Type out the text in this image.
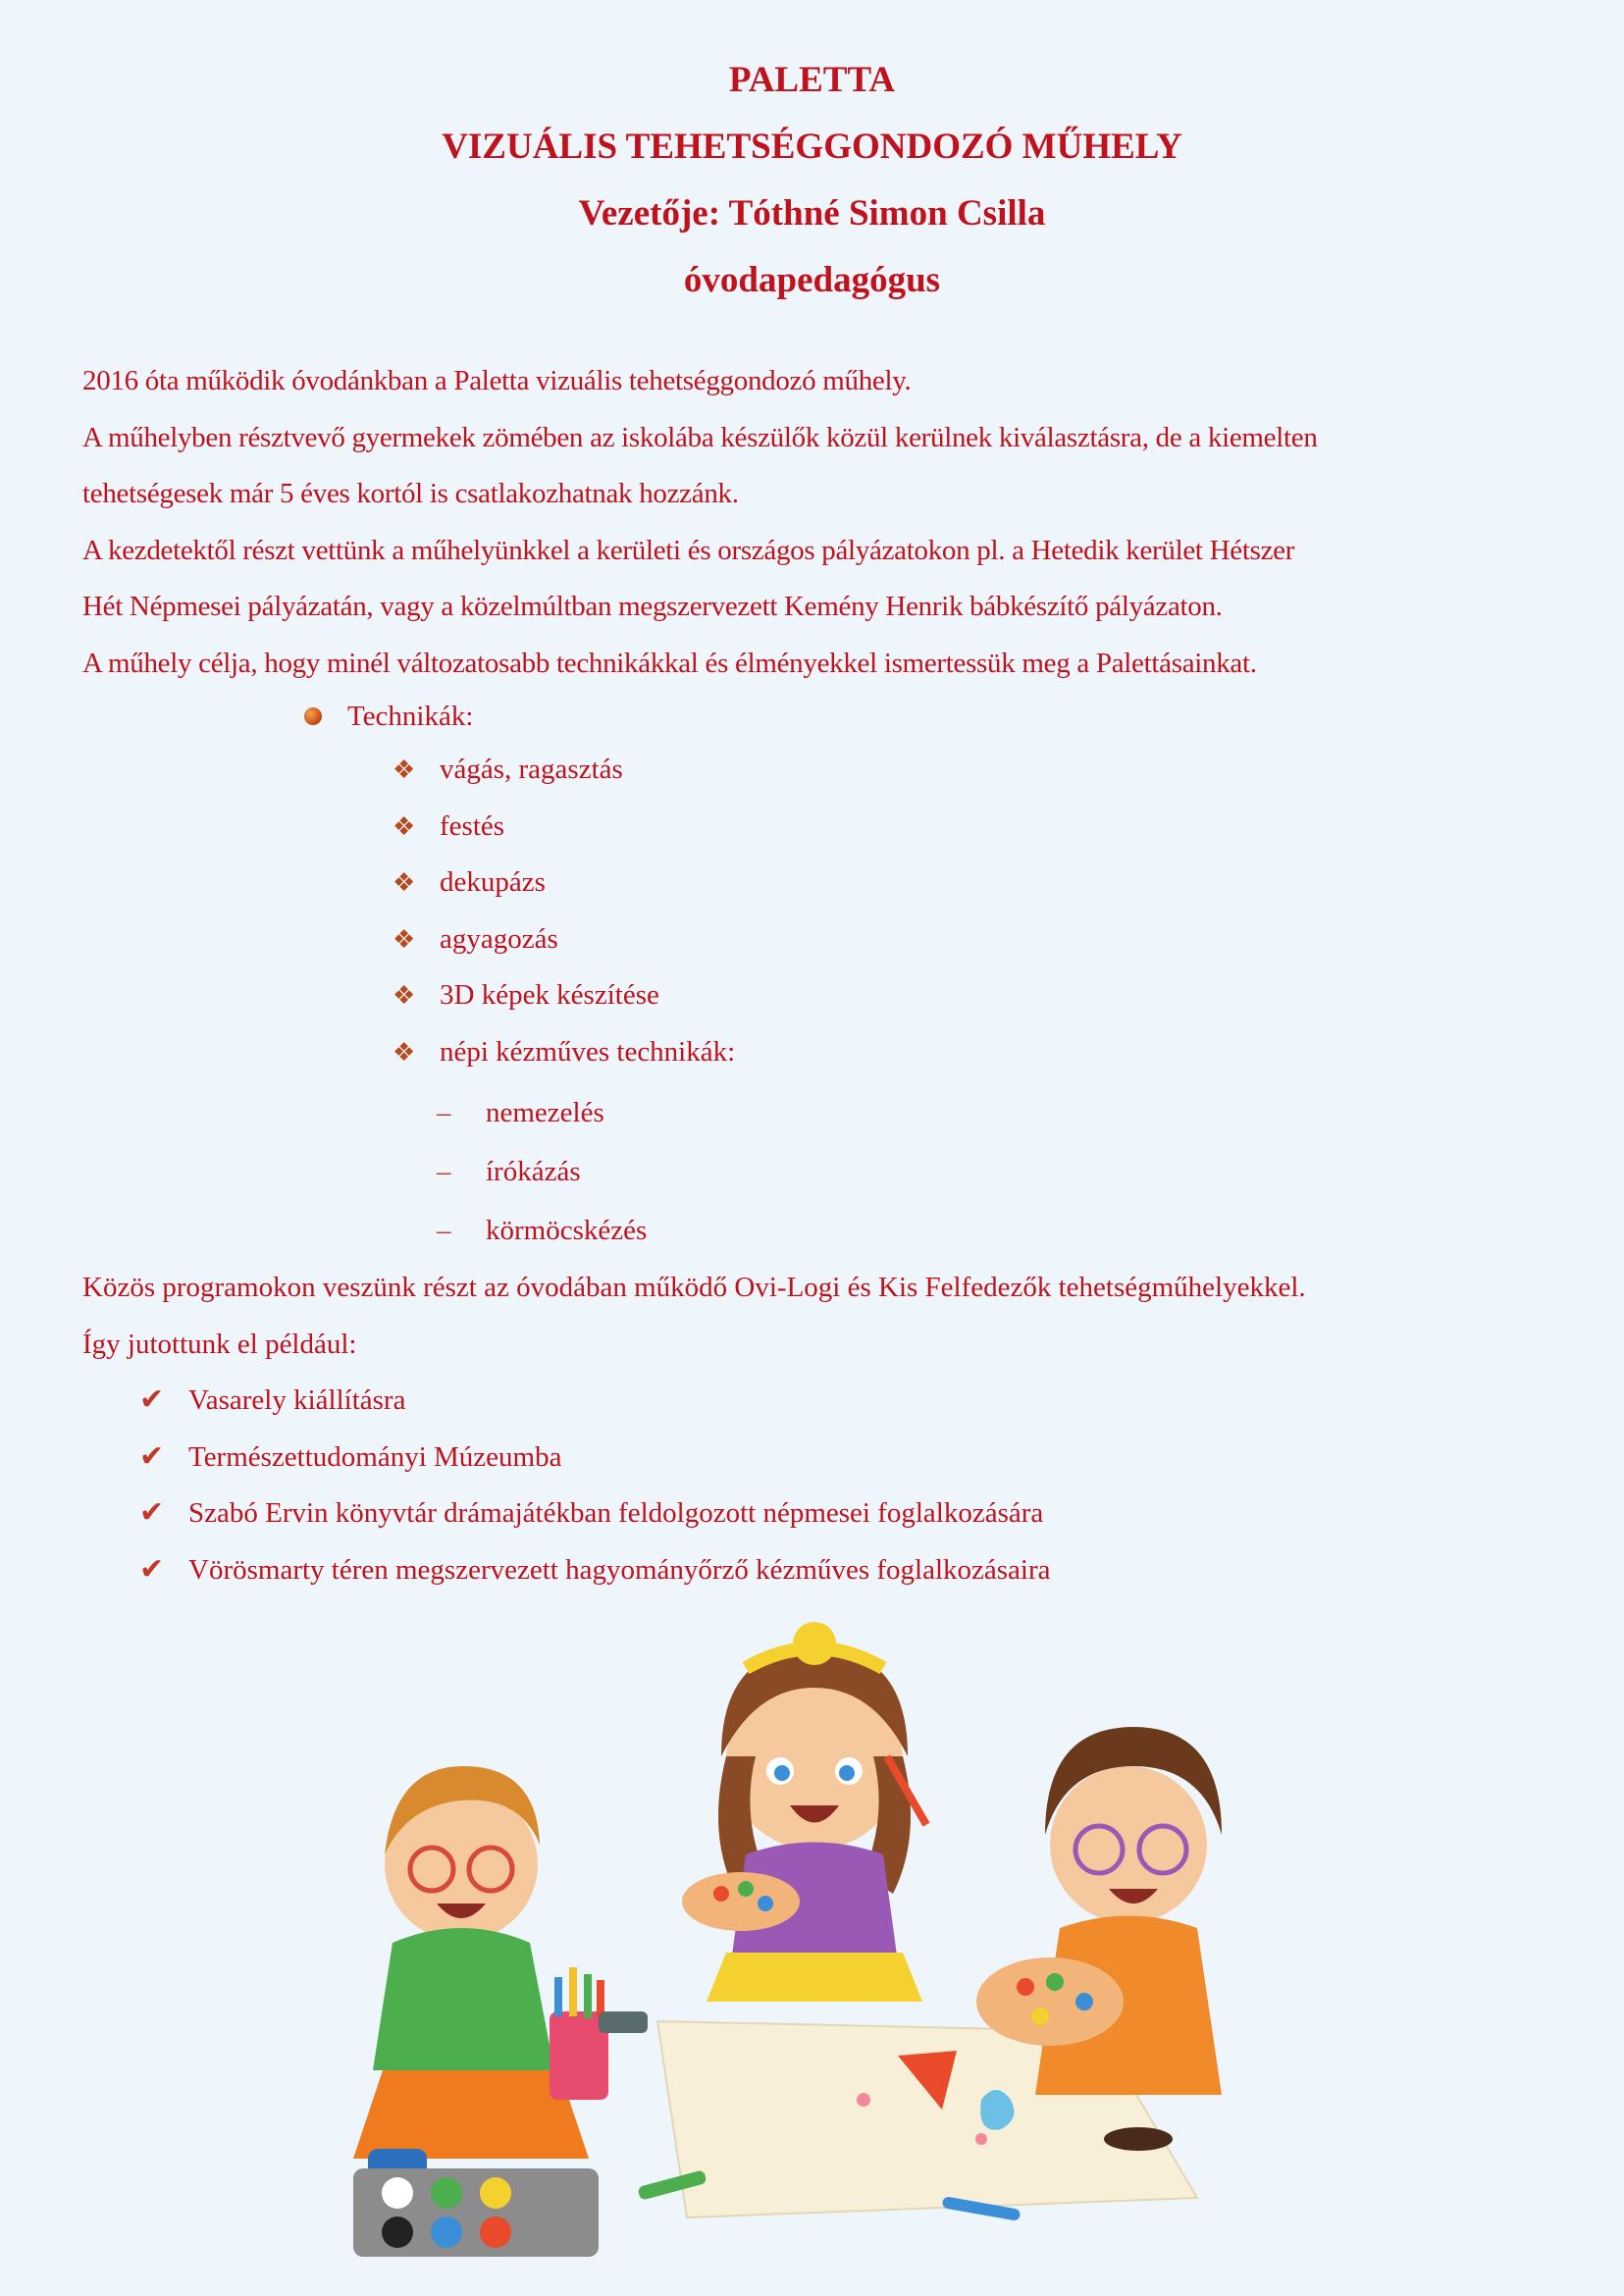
PALETTA
VIZUÁLIS TEHETSÉGGONDOZÓ MŰHELY
Vezetője: Tóthné Simon Csilla
óvodapedagógus
2016 óta működik óvodánkban a Paletta vizuális tehetséggondozó műhely.
A műhelyben résztvevő gyermekek zömében az iskolába készülők közül kerülnek kiválasztásra, de a kiemelten
tehetségesek már 5 éves kortól is csatlakozhatnak hozzánk.
A kezdetektől részt vettünk a műhelyünkkel a kerületi és országos pályázatokon pl. a Hetedik kerület Hétszer
Hét Népmesei pályázatán, vagy a közelmúltban megszervezett Kemény Henrik bábkészítő pályázaton.
A műhely célja, hogy minél változatosabb technikákkal és élményekkel ismertessük meg a Palettásainkat.
Technikák:
❖ vágás, ragasztás
❖ festés
❖ dekupázs
❖ agyagozás
❖ 3D képek készítése
❖ népi kézműves technikák:
– nemezelés
– írókázás
– körmöcskézés
Közös programokon veszünk részt az óvodában működő Ovi-Logi és Kis Felfedezők tehetségműhelyekkel.
Így jutottunk el például:
✔ Vasarely kiállításra
✔ Természettudományi Múzeumba
✔ Szabó Ervin könyvtár drámajátékban feldolgozott népmesei foglalkozására
✔ Vörösmarty téren megszervezett hagyományőrző kézműves foglalkozásaira
